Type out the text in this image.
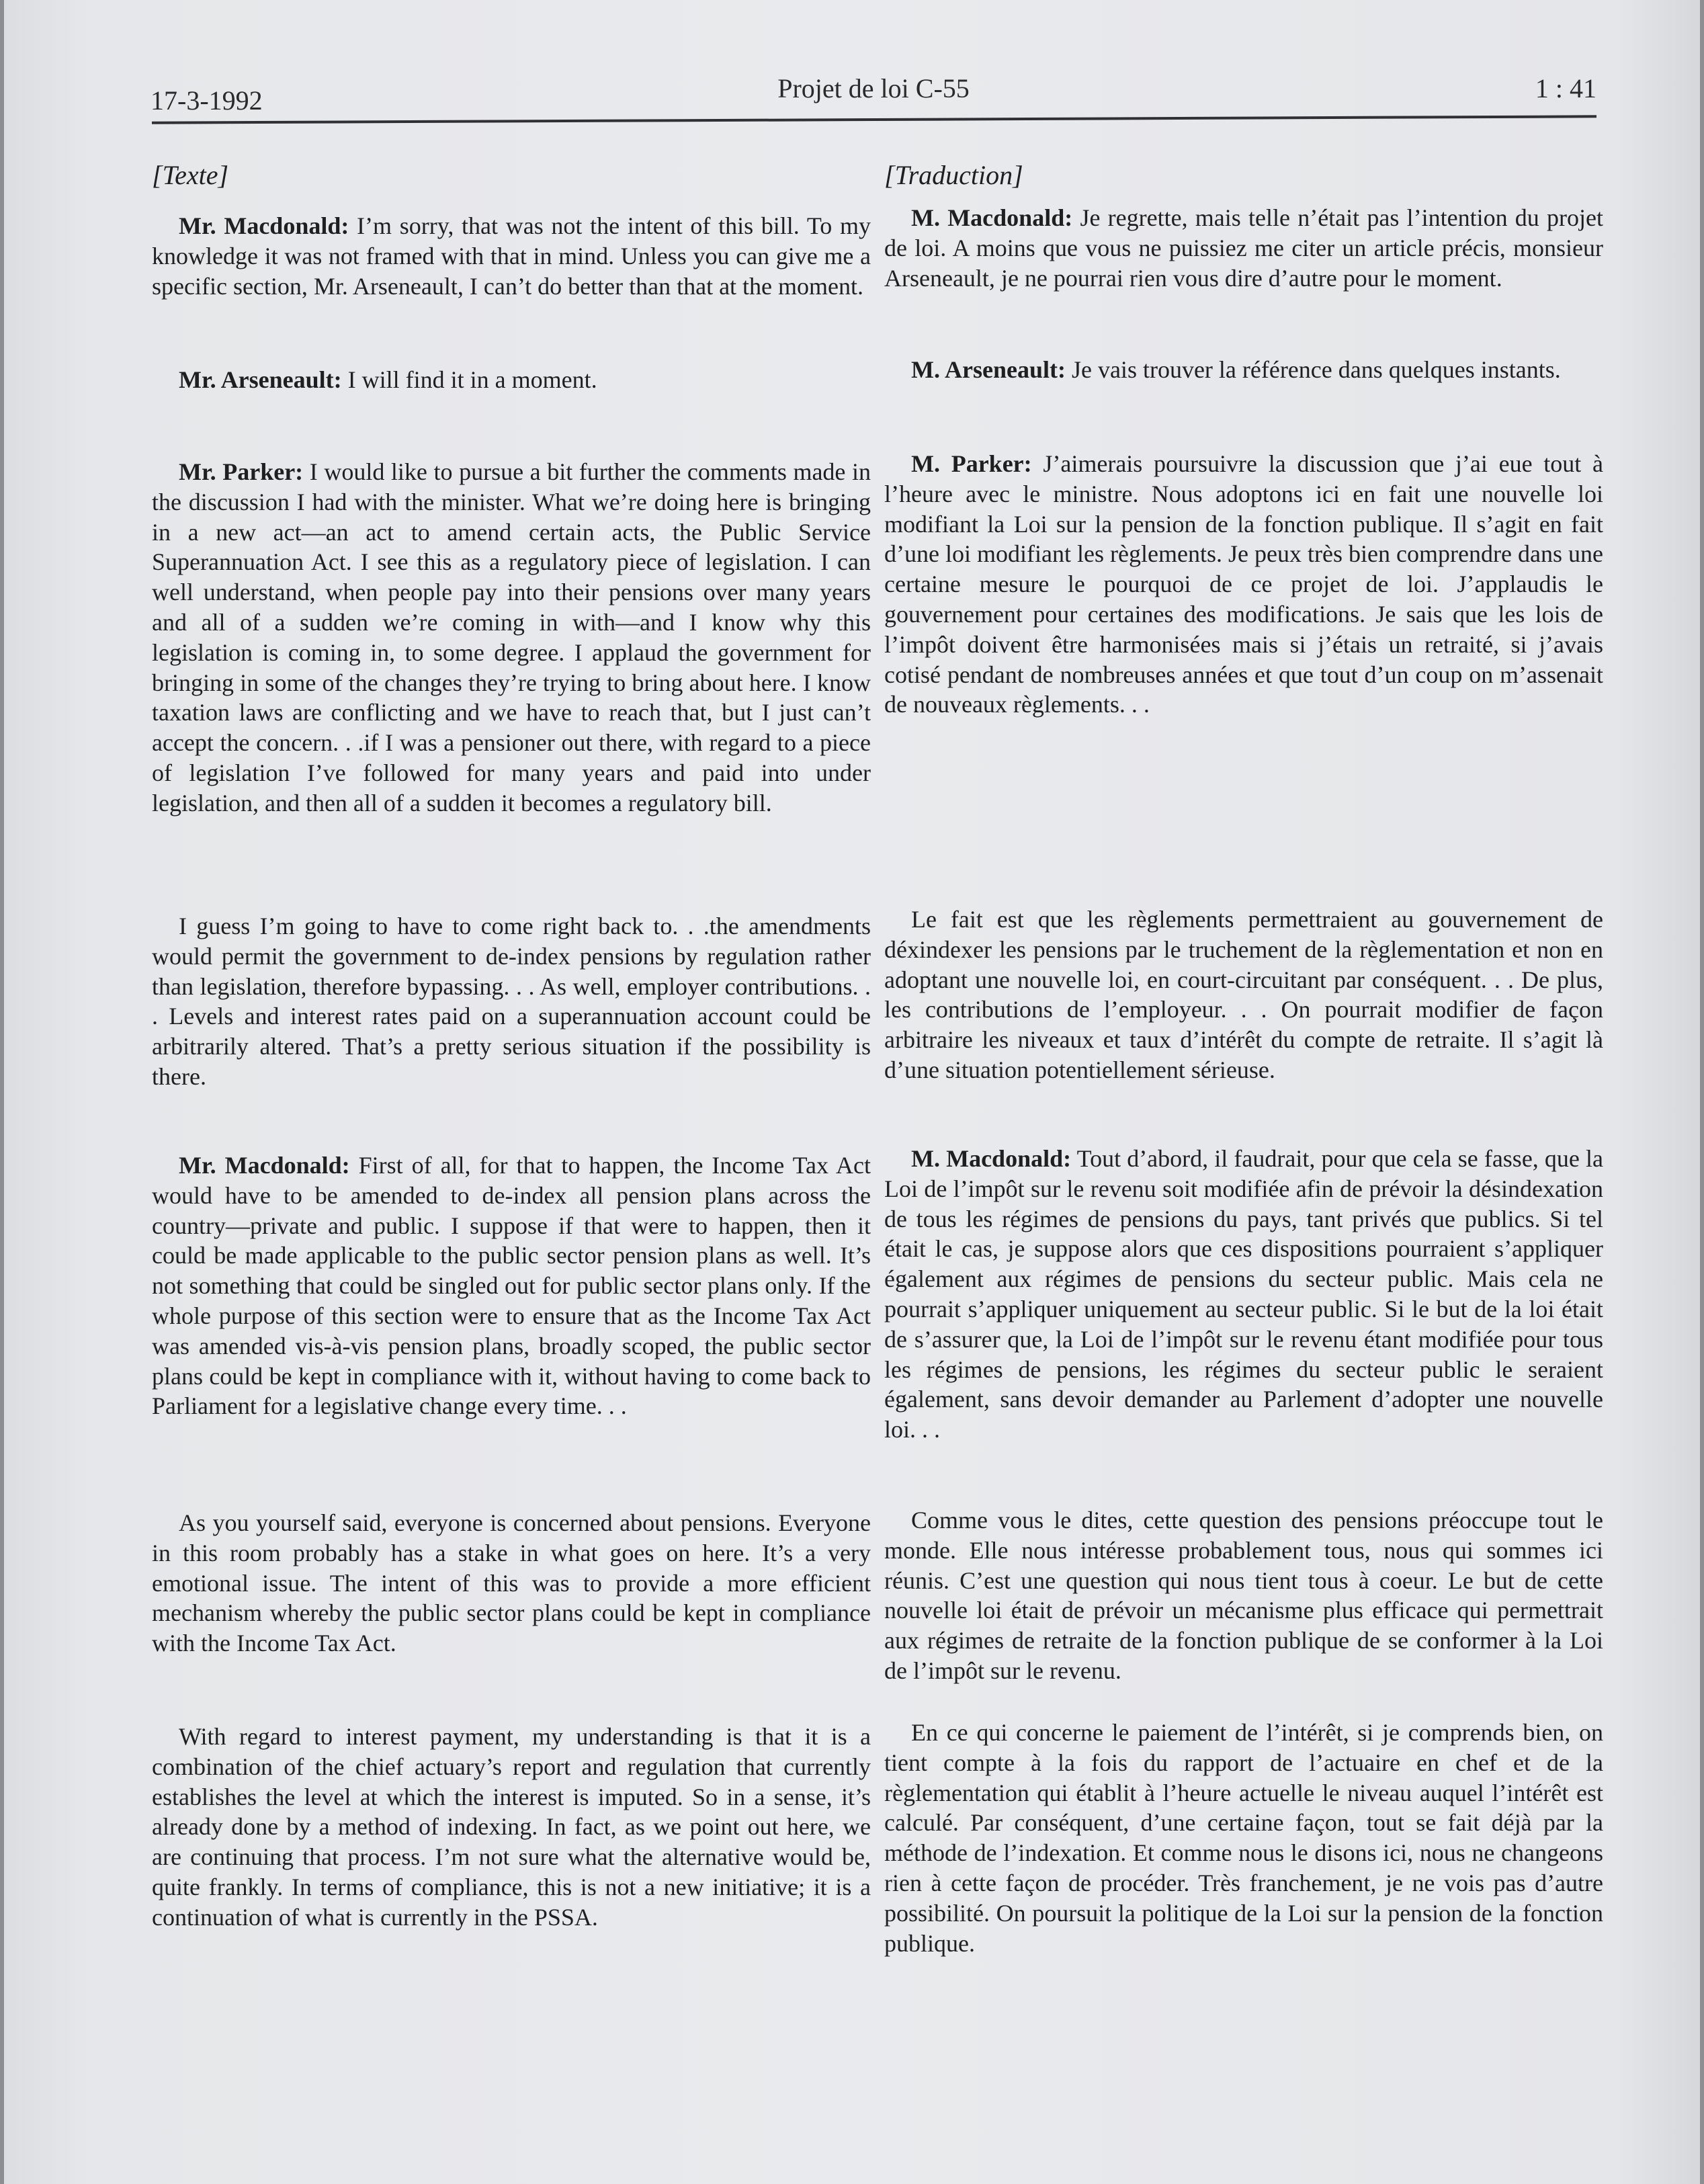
17-3-1992	Projet de loi C-55	1 : 41
[Texte]

Mr. Macdonald: I’m sorry, that was not the intent of this bill. To my knowledge it was not framed with that in mind. Unless you can give me a specific section, Mr. Arseneault, I can’t do better than that at the moment.

Mr. Arseneault: I will find it in a moment.

Mr. Parker: I would like to pursue a bit further the comments made in the discussion I had with the minister. What we’re doing here is bringing in a new act—an act to amend certain acts, the Public Service Superannuation Act. I see this as a regulatory piece of legislation. I can well understand, when people pay into their pensions over many years and all of a sudden we’re coming in with—and I know why this legislation is coming in, to some degree. I applaud the government for bringing in some of the changes they’re trying to bring about here. I know taxation laws are conflicting and we have to reach that, but I just can’t accept the concern. . .if I was a pensioner out there, with regard to a piece of legislation I’ve followed for many years and paid into under legislation, and then all of a sudden it becomes a regulatory bill.

I guess I’m going to have to come right back to. . .the amendments would permit the government to de-index pensions by regulation rather than legislation, therefore bypassing. . . As well, employer contributions. . . Levels and interest rates paid on a superannuation account could be arbitrarily altered. That’s a pretty serious situation if the possibility is there.

Mr. Macdonald: First of all, for that to happen, the Income Tax Act would have to be amended to de-index all pension plans across the country—private and public. I suppose if that were to happen, then it could be made applicable to the public sector pension plans as well. It’s not something that could be singled out for public sector plans only. If the whole purpose of this section were to ensure that as the Income Tax Act was amended vis-à-vis pension plans, broadly scoped, the public sector plans could be kept in compliance with it, without having to come back to Parliament for a legislative change every time. . .

As you yourself said, everyone is concerned about pensions. Everyone in this room probably has a stake in what goes on here. It’s a very emotional issue. The intent of this was to provide a more efficient mechanism whereby the public sector plans could be kept in compliance with the Income Tax Act.

With regard to interest payment, my understanding is that it is a combination of the chief actuary’s report and regulation that currently establishes the level at which the interest is imputed. So in a sense, it’s already done by a method of indexing. In fact, as we point out here, we are continuing that process. I’m not sure what the alternative would be, quite frankly. In terms of compliance, this is not a new initiative; it is a continuation of what is currently in the PSSA.

[Traduction]

M. Macdonald: Je regrette, mais telle n’était pas l’intention du projet de loi. A moins que vous ne puissiez me citer un article précis, monsieur Arseneault, je ne pourrai rien vous dire d’autre pour le moment.

M. Arseneault: Je vais trouver la référence dans quelques instants.

M. Parker: J’aimerais poursuivre la discussion que j’ai eue tout à l’heure avec le ministre. Nous adoptons ici en fait une nouvelle loi modifiant la Loi sur la pension de la fonction publique. Il s’agit en fait d’une loi modifiant les règlements. Je peux très bien comprendre dans une certaine mesure le pourquoi de ce projet de loi. J’applaudis le gouvernement pour certaines des modifications. Je sais que les lois de l’impôt doivent être harmonisées mais si j’étais un retraité, si j’avais cotisé pendant de nombreuses années et que tout d’un coup on m’assenait de nouveaux règlements. . .

Le fait est que les règlements permettraient au gouvernement de déxindexer les pensions par le truchement de la règlementation et non en adoptant une nouvelle loi, en court-circuitant par conséquent. . . De plus, les contributions de l’employeur. . . On pourrait modifier de façon arbitraire les niveaux et taux d’intérêt du compte de retraite. Il s’agit là d’une situation potentiellement sérieuse.

M. Macdonald: Tout d’abord, il faudrait, pour que cela se fasse, que la Loi de l’impôt sur le revenu soit modifiée afin de prévoir la désindexation de tous les régimes de pensions du pays, tant privés que publics. Si tel était le cas, je suppose alors que ces dispositions pourraient s’appliquer également aux régimes de pensions du secteur public. Mais cela ne pourrait s’appliquer uniquement au secteur public. Si le but de la loi était de s’assurer que, la Loi de l’impôt sur le revenu étant modifiée pour tous les régimes de pensions, les régimes du secteur public le seraient également, sans devoir demander au Parlement d’adopter une nouvelle loi. . .

Comme vous le dites, cette question des pensions préoccupe tout le monde. Elle nous intéresse probablement tous, nous qui sommes ici réunis. C’est une question qui nous tient tous à coeur. Le but de cette nouvelle loi était de prévoir un mécanisme plus efficace qui permettrait aux régimes de retraite de la fonction publique de se conformer à la Loi de l’impôt sur le revenu.

En ce qui concerne le paiement de l’intérêt, si je comprends bien, on tient compte à la fois du rapport de l’actuaire en chef et de la règlementation qui établit à l’heure actuelle le niveau auquel l’intérêt est calculé. Par conséquent, d’une certaine façon, tout se fait déjà par la méthode de l’indexation. Et comme nous le disons ici, nous ne changeons rien à cette façon de procéder. Très franchement, je ne vois pas d’autre possibilité. On poursuit la politique de la Loi sur la pension de la fonction publique.
